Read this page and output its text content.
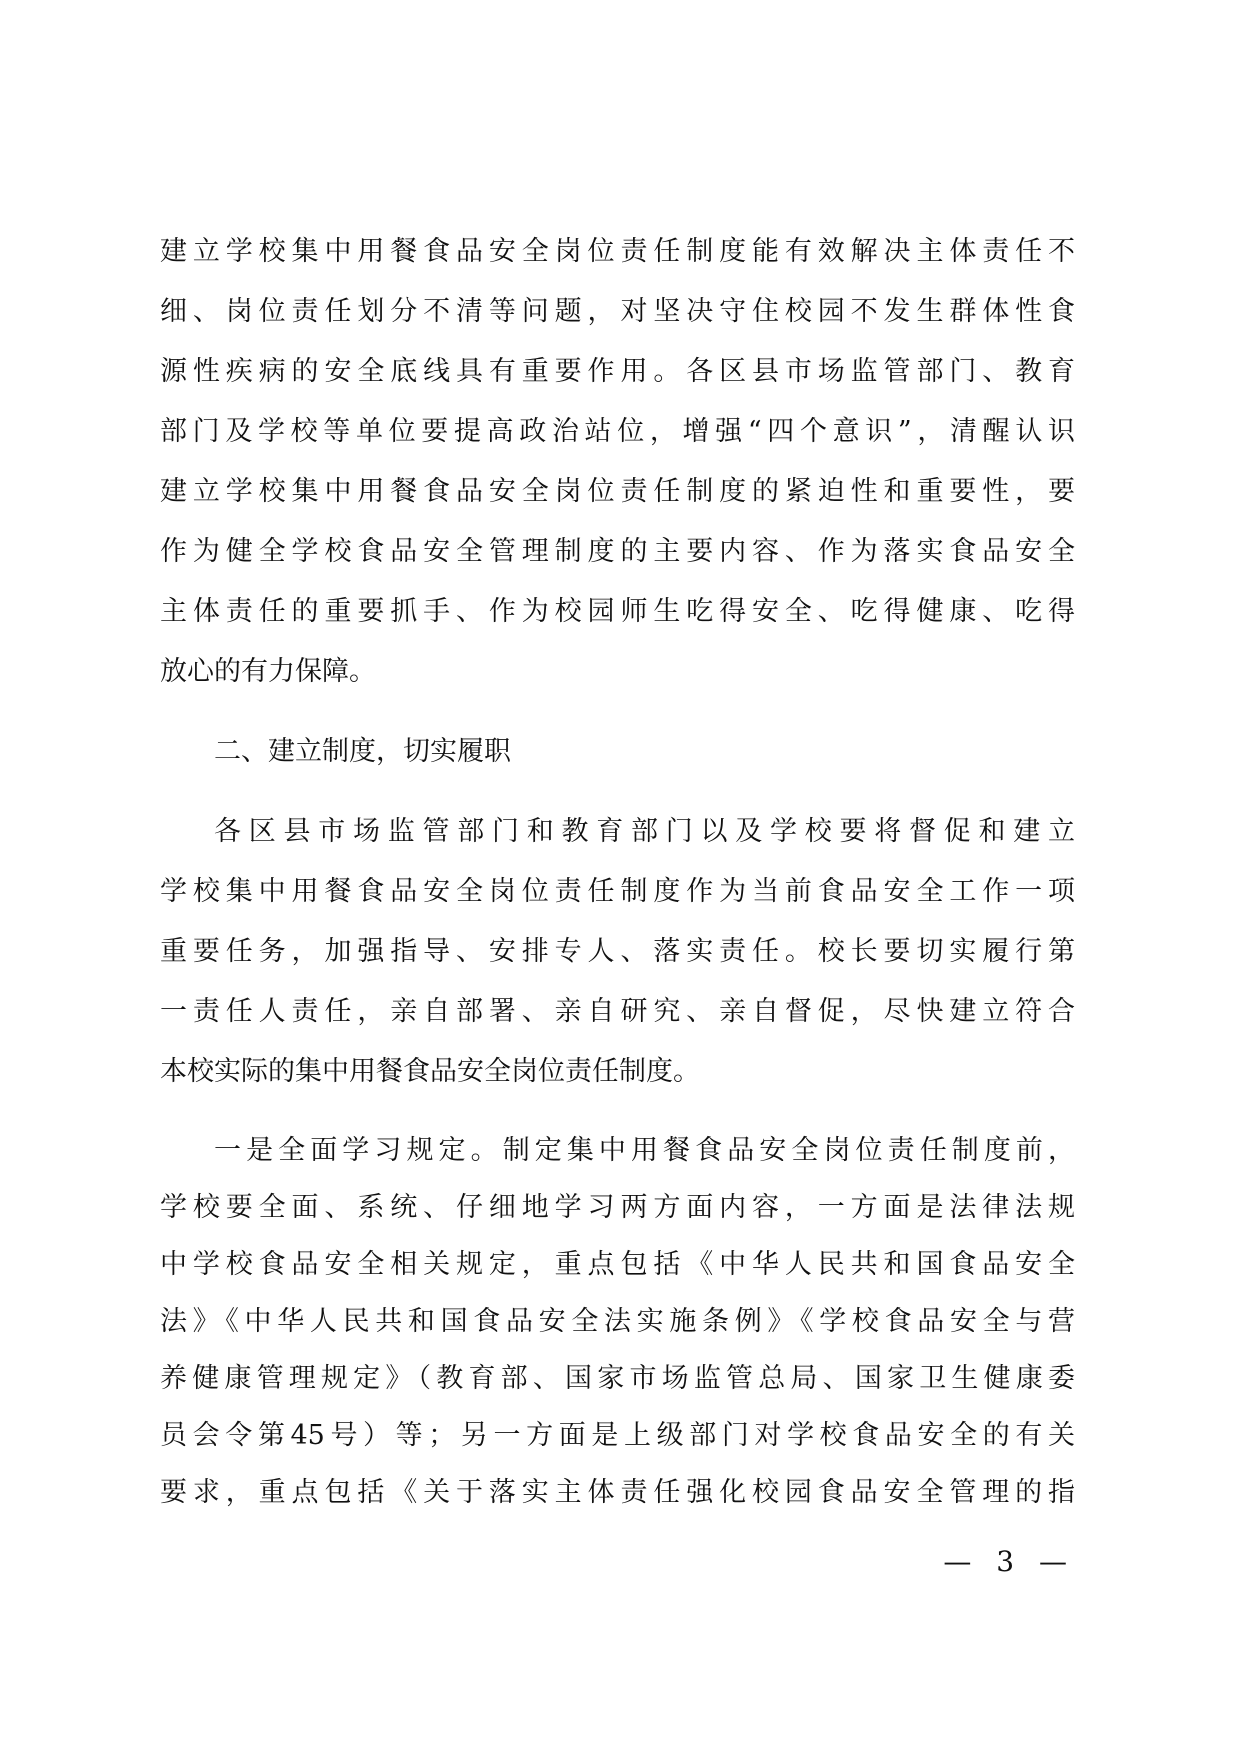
建立学校集中用餐食品安全岗位责任制度能有效解决主体责任不
细、岗位责任划分不清等问题，对坚决守住校园不发生群体性食
源性疾病的安全底线具有重要作用。各区县市场监管部门、教育
部门及学校等单位要提高政治站位，增强“四个意识”，清醒认识
建立学校集中用餐食品安全岗位责任制度的紧迫性和重要性，要
作为健全学校食品安全管理制度的主要内容、作为落实食品安全
主体责任的重要抓手、作为校园师生吃得安全、吃得健康、吃得
放心的有力保障。
二、建立制度，切实履职
各区县市场监管部门和教育部门以及学校要将督促和建立
学校集中用餐食品安全岗位责任制度作为当前食品安全工作一项
重要任务，加强指导、安排专人、落实责任。校长要切实履行第
一责任人责任，亲自部署、亲自研究、亲自督促，尽快建立符合
本校实际的集中用餐食品安全岗位责任制度。
一是全面学习规定。制定集中用餐食品安全岗位责任制度前，
学校要全面、系统、仔细地学习两方面内容，一方面是法律法规
中学校食品安全相关规定，重点包括《中华人民共和国食品安全
法》《中华人民共和国食品安全法实施条例》《学校食品安全与营
养健康管理规定》（教育部、国家市场监管总局、国家卫生健康委
员会令第45号）等；另一方面是上级部门对学校食品安全的有关
要求，重点包括《关于落实主体责任强化校园食品安全管理的指
— 3 —
